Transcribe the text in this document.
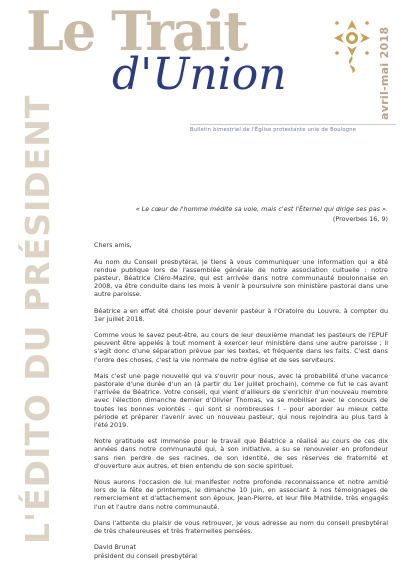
Le Trait
d'Union	avril-mai 2018
Bulletin bimestriel de l'Église protestante unie de Boulogne
L'ÉDITO DU PRÉSIDENT	« Le cœur de l'homme médite sa voie, mais c'est l'Éternel qui dirige ses pas ».
(Proverbes 16, 9)

Chers amis,

Au nom du Conseil presbytéral, je tiens à vous communiquer une information qui a été rendue publique lors de l'assemblée générale de notre association cultuelle : notre pasteur, Béatrice Cléro-Mazire, qui est arrivée dans notre communauté boulonnaise en 2008, va être conduite dans les mois à venir à poursuivre son ministère pastoral dans une autre paroisse.

Béatrice a en effet été choisie pour devenir pasteur à l'Oratoire du Louvre, à compter du 1er juillet 2018.

Comme vous le savez peut-être, au cours de leur deuxième mandat les pasteurs de l'EPUF peuvent être appelés à tout moment à exercer leur ministère dans une autre paroisse ; il s'agit donc d'une séparation prévue par les textes, et fréquente dans les faits. C'est dans l'ordre des choses, c'est la vie normale de notre église et de ses serviteurs.

Mais c'est une page nouvelle qui va s'ouvrir pour nous, avec la probabilité d'une vacance pastorale d'une durée d'un an (à partir du 1er juillet prochain), comme ce fut le cas avant l'arrivée de Béatrice. Votre conseil, qui vient d'ailleurs de s'enrichir d'un nouveau membre avec l'élection dimanche dernier d'Olivier Thomas, va se mobiliser avec le concours de toutes les bonnes volontés - qui sont si nombreuses ! - pour aborder au mieux cette période et préparer l'avenir avec un nouveau pasteur, qui nous rejoindra au plus tard à l'été 2019.

Notre gratitude est immense pour le travail que Béatrice a réalisé au cours de ces dix années dans notre communauté qui, à son initiative, a su se renouveler en profondeur sans rien perdre de ses racines, de son identité, de ses réserves de fraternité et d'ouverture aux autres, et bien entendu de son socle spirituel.

Nous aurons l'occasion de lui manifester notre profonde reconnaissance et notre amitié lors de la fête de printemps, le dimanche 10 juin, en associant à nos témoignages de remerciement et d'attachement son époux, Jean-Pierre, et leur fille Mathilde, très engagés l'un et l'autre dans notre communauté.

Dans l'attente du plaisir de vous retrouver, je vous adresse au nom du conseil presbytéral de très chaleureuses et très fraternelles pensées.

David Brunat
président du conseil presbytéral
